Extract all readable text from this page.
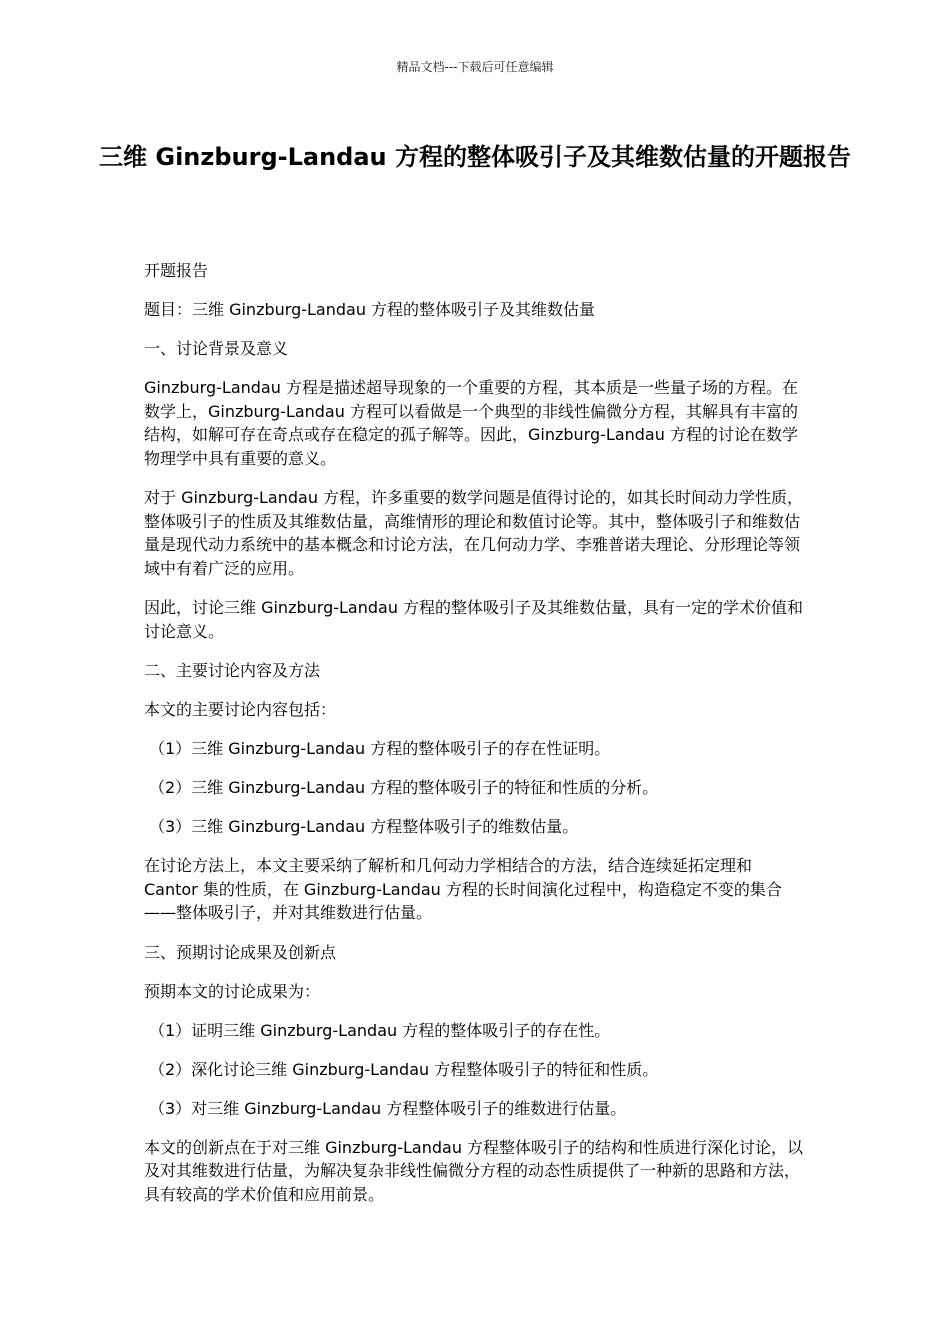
精品文档---下载后可任意编辑
三维 Ginzburg-Landau 方程的整体吸引子及其维数估量的开题报告

开题报告

题目：三维 Ginzburg-Landau 方程的整体吸引子及其维数估量

一、讨论背景及意义

Ginzburg-Landau 方程是描述超导现象的一个重要的方程，其本质是一些量子场的方程。在数学上，Ginzburg-Landau 方程可以看做是一个典型的非线性偏微分方程，其解具有丰富的结构，如解可存在奇点或存在稳定的孤子解等。因此，Ginzburg-Landau 方程的讨论在数学物理学中具有重要的意义。

对于 Ginzburg-Landau 方程，许多重要的数学问题是值得讨论的，如其长时间动力学性质，整体吸引子的性质及其维数估量，高维情形的理论和数值讨论等。其中，整体吸引子和维数估量是现代动力系统中的基本概念和讨论方法，在几何动力学、李雅普诺夫理论、分形理论等领域中有着广泛的应用。

因此，讨论三维 Ginzburg-Landau 方程的整体吸引子及其维数估量，具有一定的学术价值和讨论意义。

二、主要讨论内容及方法

本文的主要讨论内容包括：

（1）三维 Ginzburg-Landau 方程的整体吸引子的存在性证明。

（2）三维 Ginzburg-Landau 方程的整体吸引子的特征和性质的分析。

（3）三维 Ginzburg-Landau 方程整体吸引子的维数估量。

在讨论方法上，本文主要采纳了解析和几何动力学相结合的方法，结合连续延拓定理和 Cantor 集的性质，在 Ginzburg-Landau 方程的长时间演化过程中，构造稳定不变的集合——整体吸引子，并对其维数进行估量。

三、预期讨论成果及创新点

预期本文的讨论成果为：

（1）证明三维 Ginzburg-Landau 方程的整体吸引子的存在性。

（2）深化讨论三维 Ginzburg-Landau 方程整体吸引子的特征和性质。

（3）对三维 Ginzburg-Landau 方程整体吸引子的维数进行估量。

本文的创新点在于对三维 Ginzburg-Landau 方程整体吸引子的结构和性质进行深化讨论，以及对其维数进行估量，为解决复杂非线性偏微分方程的动态性质提供了一种新的思路和方法，具有较高的学术价值和应用前景。
